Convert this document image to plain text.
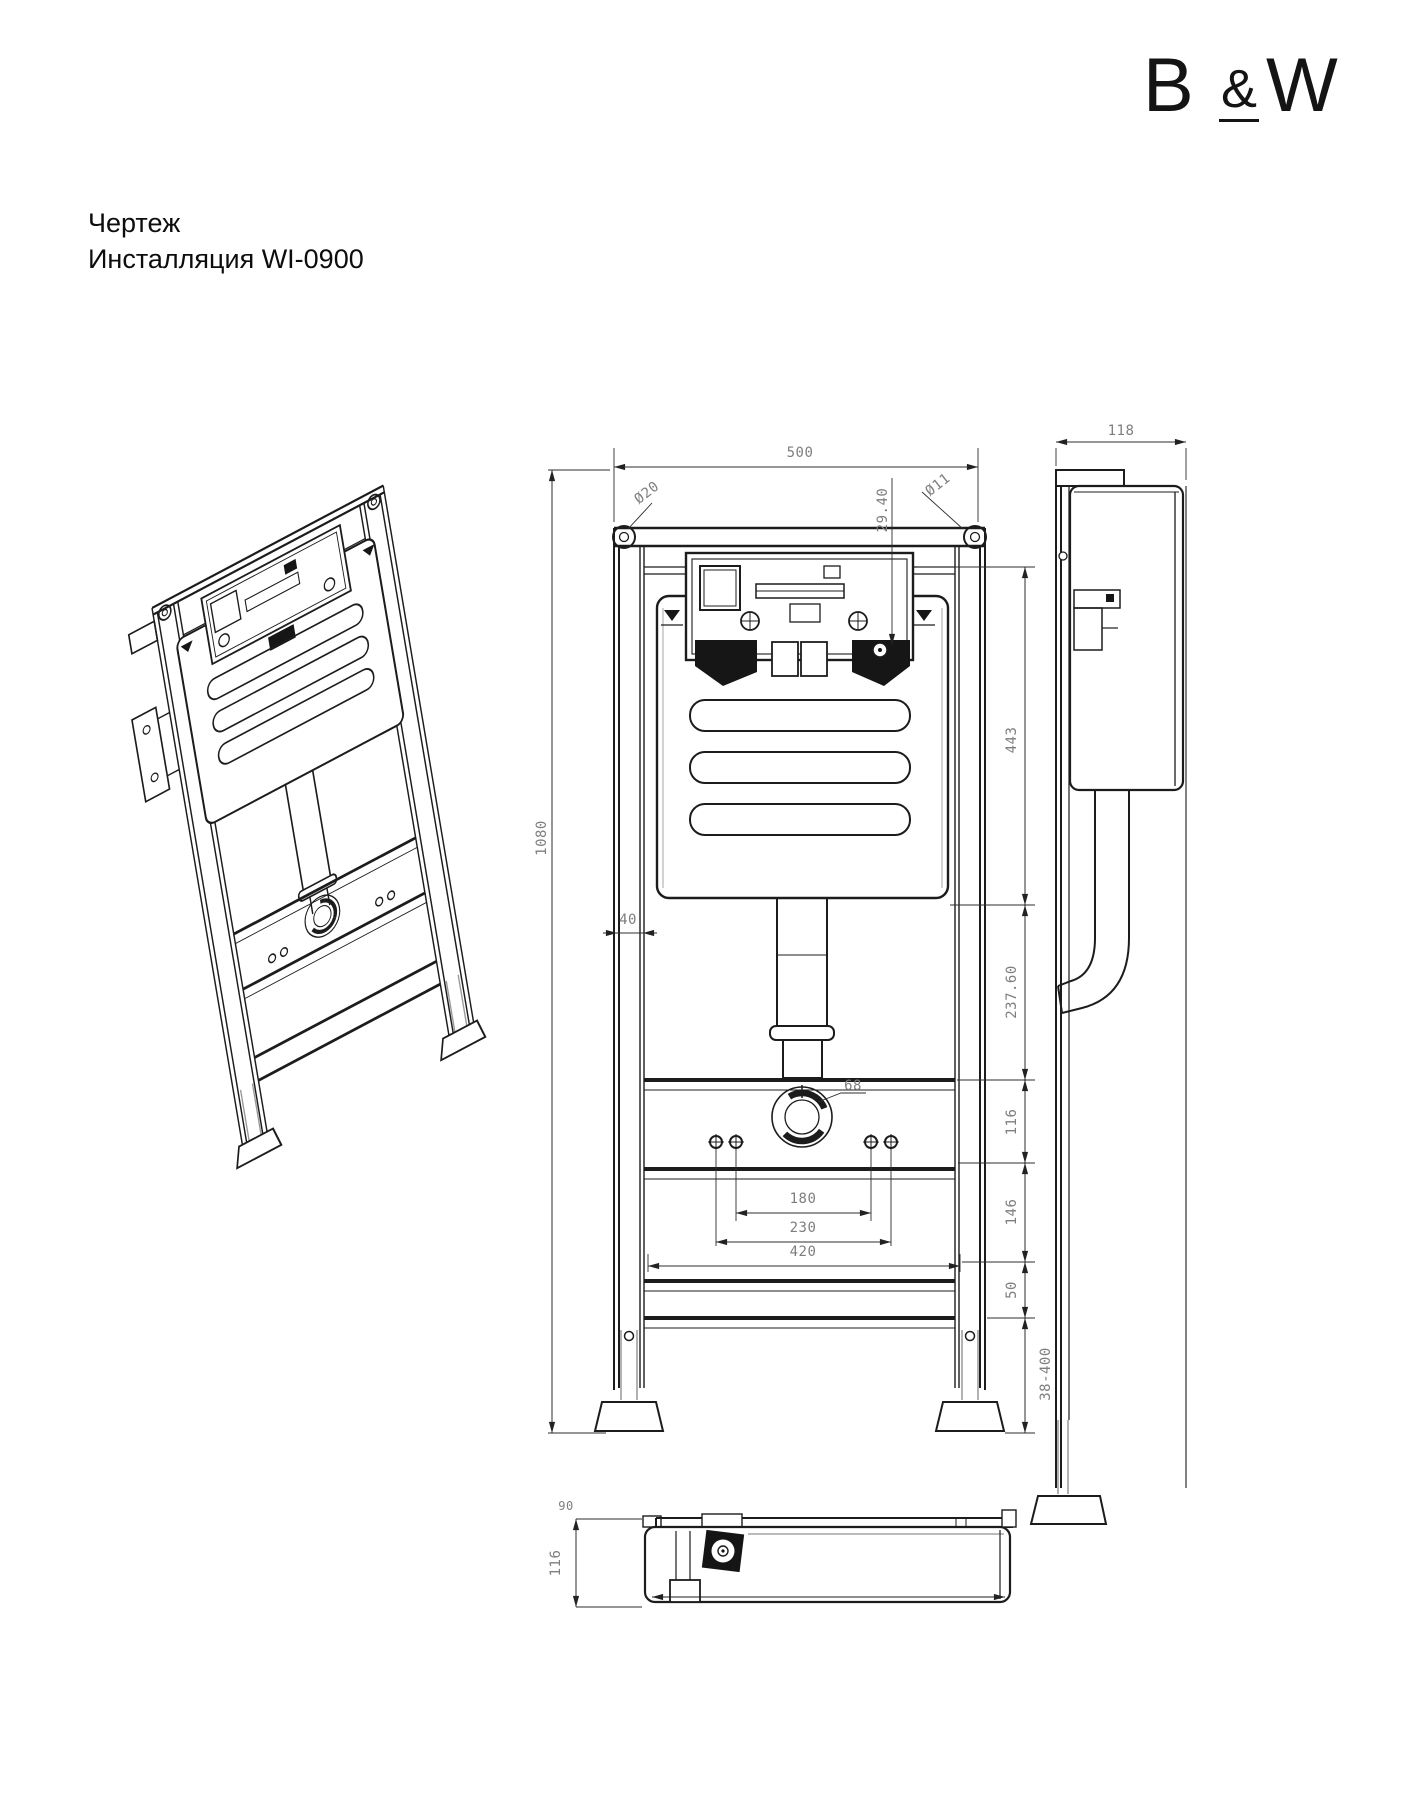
Чертеж
Инсталляция WI-0900
B & W
500
1080
Ø20	29.40
Ø11
40
443
237.60
116
146
50
38-400
180
230
420
68
118
116
90
